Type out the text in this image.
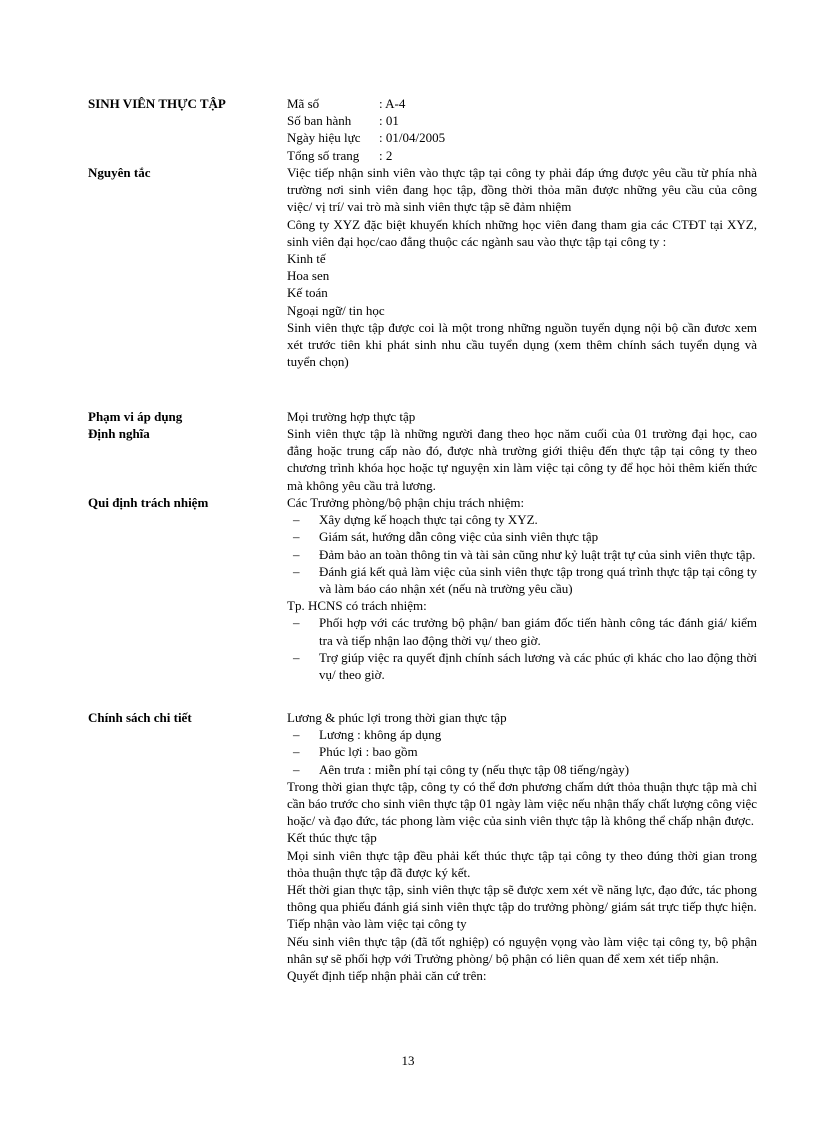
SINH VIÊN THỰC TẬP	Mã số	: A-4

Số ban hành : 01

Ngày hiệu lực : 01/04/2005

Tổng số trang : 2

Nguyên tắc	Việc tiếp nhận sinh viên vào thực tập tại công ty phải đáp ứng được yêu cầu từ phía nhà trường nơi sinh viên đang học tập, đồng thời thỏa mãn được những yêu cầu của công việc/ vị trí/ vai trò mà sinh viên thực tập sẽ đảm nhiệm

Công ty XYZ đặc biệt khuyến khích những học viên đang tham gia các CTĐT tại XYZ, sinh viên đại học/cao đẳng thuộc các ngành sau vào thực tập tại công ty :

Kinh tế

Hoa sen

Kế toán

Ngoại ngữ/ tin học

Sinh viên thực tập được coi là một trong những nguồn tuyển dụng nội bộ cần đươc xem xét trước tiên khi phát sinh nhu cầu tuyển dụng (xem thêm chính sách tuyển dụng và tuyển chọn)

Phạm vi áp dụng	Mọi trường hợp thực tập

Định nghĩa	Sinh viên thực tập là những người đang theo học năm cuối của 01 trường đại học, cao đẳng hoặc trung cấp nào đó, được nhà trường giới thiệu đến thực tập tại công ty theo chương trình khóa học hoặc tự nguyện xin làm việc tại công ty để học hỏi thêm kiến thức mà không yêu cầu trả lương.

Qui định trách nhiệm	Các Trưởng phòng/bộ phận chịu trách nhiệm:

– Xây dựng kế hoạch thực tại công ty XYZ.

– Giám sát, hướng dẫn công việc của sinh viên thực tập

– Đảm bảo an toàn thông tin và tài sản cũng như kỷ luật trật tự của sinh viên thực tập.

– Đánh giá kết quả làm việc của sinh viên thực tập trong quá trình thực tập tại công ty và làm báo cáo nhận xét (nếu nà trường yêu cầu)

Tp. HCNS có trách nhiệm:

– Phối hợp với các trưởng bộ phận/ ban giám đốc tiến hành công tác đánh giá/ kiểm tra và tiếp nhận lao động thời vụ/ theo giờ.

– Trợ giúp việc ra quyết định chính sách lương và các phúc ợi khác cho lao động thời vụ/ theo giờ.

Chính sách chi tiết	Lương & phúc lợi trong thời gian thực tập

– Lương : không áp dụng

– Phúc lợi : bao gồm

– Aên trưa : miễn phí tại công ty (nếu thực tập 08 tiếng/ngày)

Trong thời gian thực tập, công ty có thể đơn phương chấm dứt thỏa thuận thực tập mà chỉ cần báo trước cho sinh viên thực tập 01 ngày làm việc nếu nhận thấy chất lượng công việc hoặc/ và đạo đức, tác phong làm việc của sinh viên thực tập là không thể chấp nhận được.

Kết thúc thực tập

Mọi sinh viên thực tập đều phải kết thúc thực tập tại công ty theo đúng thời gian trong thỏa thuận thực tập đã được ký kết.

Hết thời gian thực tập, sinh viên thực tập sẽ được xem xét về năng lực, đạo đức, tác phong thông qua phiếu đánh giá sinh viên thực tập do trưởng phòng/ giám sát trực tiếp thực hiện.

Tiếp nhận vào làm việc tại công ty

Nếu sinh viên thực tập (đã tốt nghiệp) có nguyện vọng vào làm việc tại công ty, bộ phận nhân sự sẽ phối hợp với Trưởng phòng/ bộ phận có liên quan để xem xét tiếp nhận.

Quyết định tiếp nhận phải căn cứ trên:

13
